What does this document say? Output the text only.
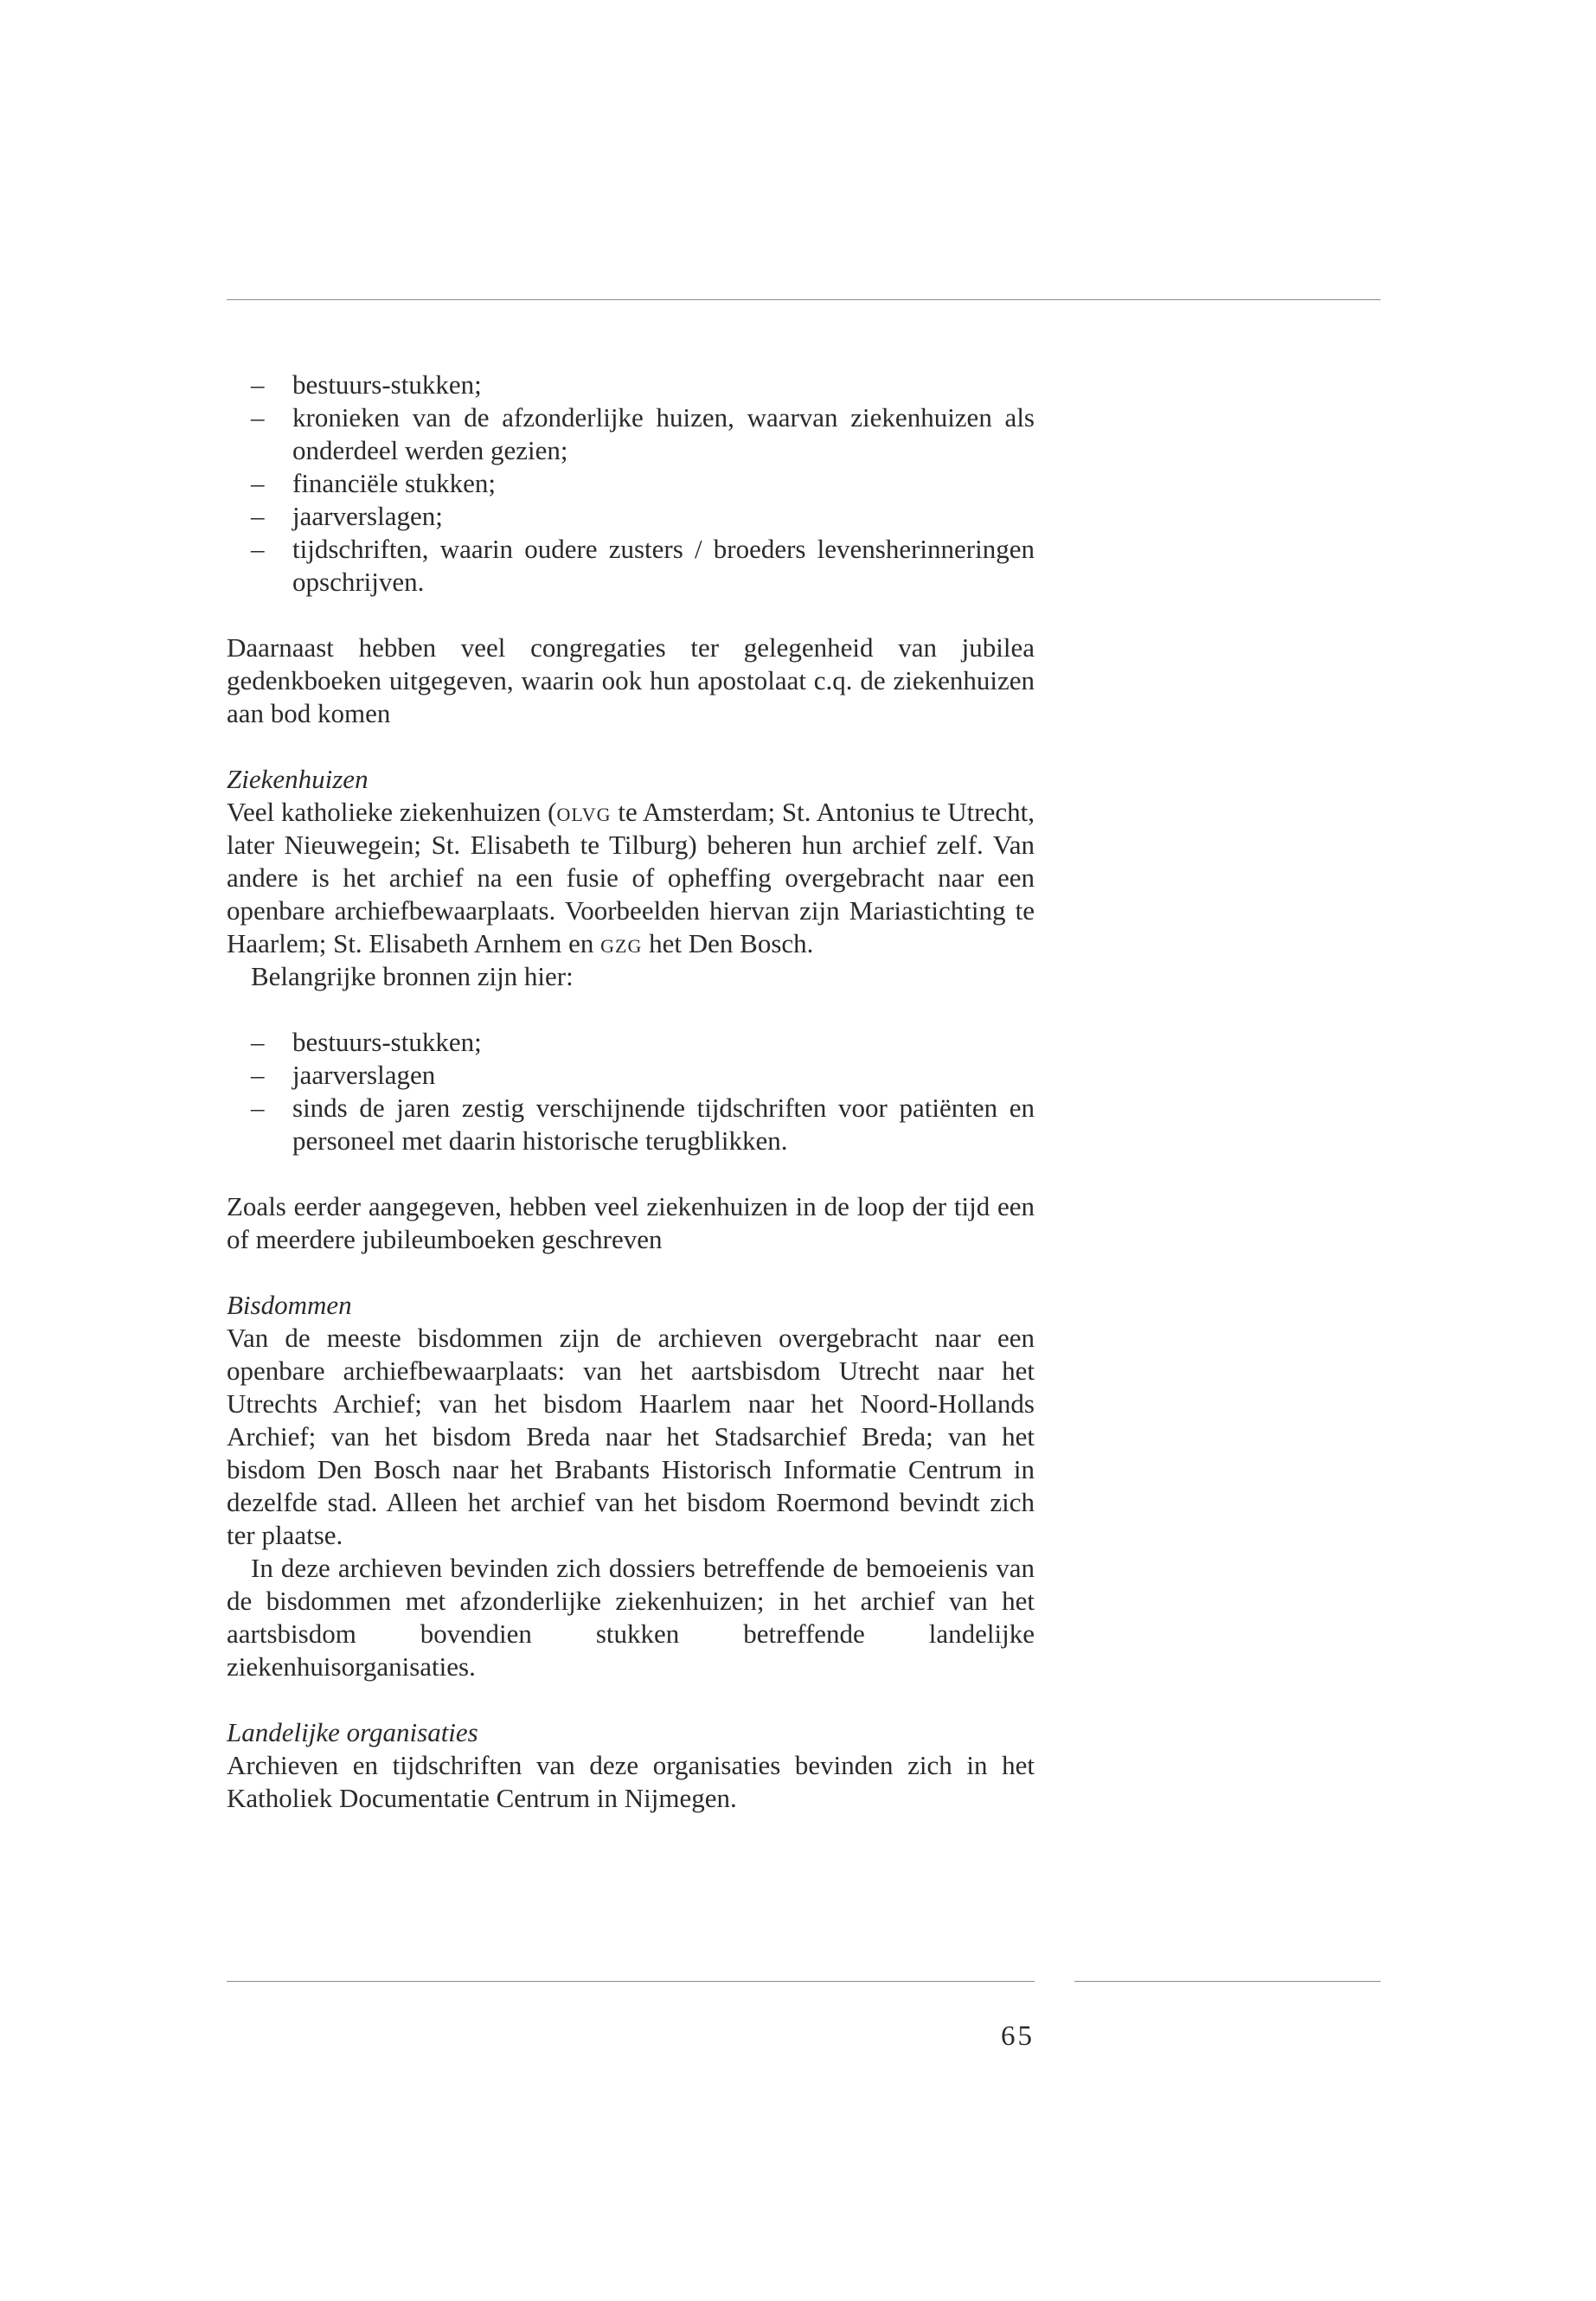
– bestuurs-stukken;
– kronieken van de afzonderlijke huizen, waarvan ziekenhuizen als onderdeel werden gezien;
– financiële stukken;
– jaarverslagen;
– tijdschriften, waarin oudere zusters / broeders levensherinneringen opschrijven.

Daarnaast hebben veel congregaties ter gelegenheid van jubilea gedenkboeken uitgegeven, waarin ook hun apostolaat c.q. de ziekenhuizen aan bod komen

Ziekenhuizen

Veel katholieke ziekenhuizen (olvg te Amsterdam; St. Antonius te Utrecht, later Nieuwegein; St. Elisabeth te Tilburg) beheren hun archief zelf. Van andere is het archief na een fusie of opheffing overgebracht naar een openbare archiefbewaarplaats. Voorbeelden hiervan zijn Mariastichting te Haarlem; St. Elisabeth Arnhem en gzg het Den Bosch.

Belangrijke bronnen zijn hier:

– bestuurs-stukken;
– jaarverslagen
– sinds de jaren zestig verschijnende tijdschriften voor patiënten en personeel met daarin historische terugblikken.

Zoals eerder aangegeven, hebben veel ziekenhuizen in de loop der tijd een of meerdere jubileumboeken geschreven

Bisdommen

Van de meeste bisdommen zijn de archieven overgebracht naar een openbare archiefbewaarplaats: van het aartsbisdom Utrecht naar het Utrechts Archief; van het bisdom Haarlem naar het Noord-Hollands Archief; van het bisdom Breda naar het Stadsarchief Breda; van het bisdom Den Bosch naar het Brabants Historisch Informatie Centrum in dezelfde stad. Alleen het archief van het bisdom Roermond bevindt zich ter plaatse.

In deze archieven bevinden zich dossiers betreffende de bemoeienis van de bisdommen met afzonderlijke ziekenhuizen; in het archief van het aartsbisdom bovendien stukken betreffende landelijke ziekenhuisorganisaties.

Landelijke organisaties

Archieven en tijdschriften van deze organisaties bevinden zich in het Katholiek Documentatie Centrum in Nijmegen.

65
